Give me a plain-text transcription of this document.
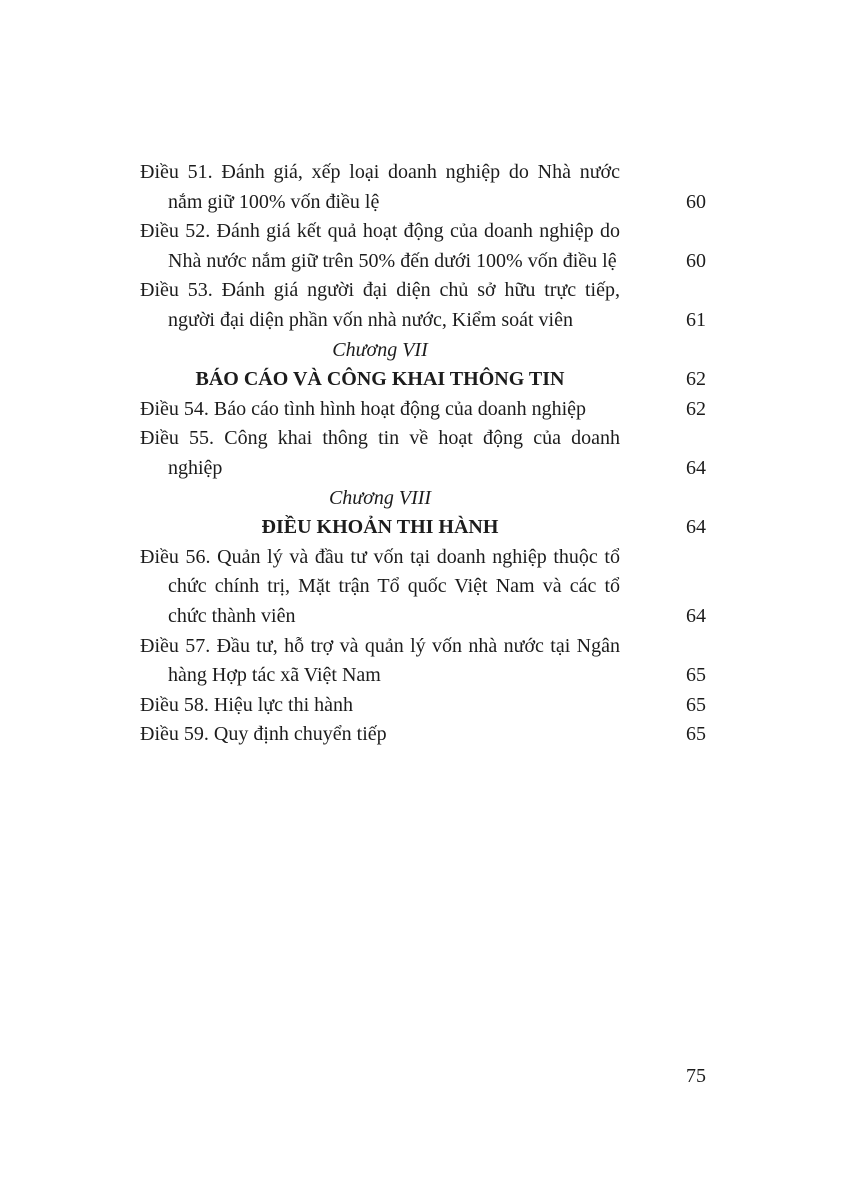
Điều 51. Đánh giá, xếp loại doanh nghiệp do Nhà nước nắm giữ 100% vốn điều lệ	60
Điều 52. Đánh giá kết quả hoạt động của doanh nghiệp do Nhà nước nắm giữ trên 50% đến dưới 100% vốn điều lệ	60
Điều 53. Đánh giá người đại diện chủ sở hữu trực tiếp, người đại diện phần vốn nhà nước, Kiểm soát viên	61
Chương VII
BÁO CÁO VÀ CÔNG KHAI THÔNG TIN	62
Điều 54. Báo cáo tình hình hoạt động của doanh nghiệp	62
Điều 55. Công khai thông tin về hoạt động của doanh nghiệp	64
Chương VIII
ĐIỀU KHOẢN THI HÀNH	64
Điều 56. Quản lý và đầu tư vốn tại doanh nghiệp thuộc tổ chức chính trị, Mặt trận Tổ quốc Việt Nam và các tổ chức thành viên	64
Điều 57. Đầu tư, hỗ trợ và quản lý vốn nhà nước tại Ngân hàng Hợp tác xã Việt Nam	65
Điều 58. Hiệu lực thi hành	65
Điều 59. Quy định chuyển tiếp	65
75
